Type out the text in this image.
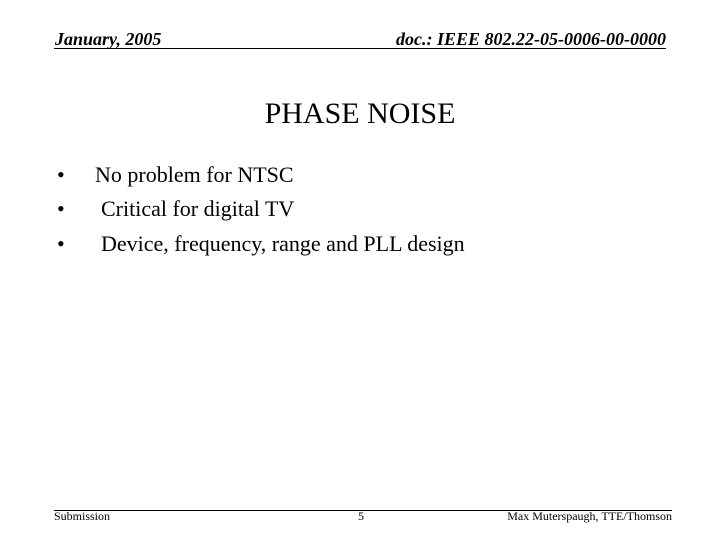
January, 2005	doc.: IEEE 802.22-05-0006-00-0000
PHASE NOISE
• No problem for NTSC
• Critical for digital TV
• Device, frequency, range and PLL design
Submission	5	Max Muterspaugh, TTE/Thomson
